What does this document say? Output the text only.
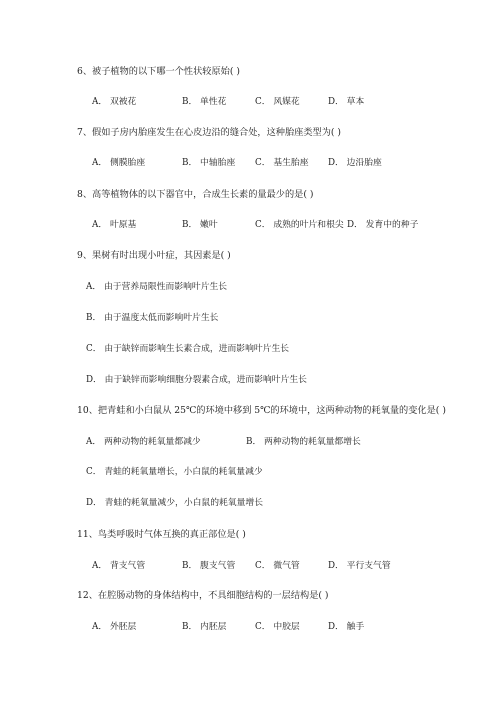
6、被子植物的以下哪一个性状较原始( )
A． 双被花	B． 单性花	C． 风媒花	D． 草本
7、假如子房内胎座发生在心皮边沿的缝合处，这种胎座类型为( )
A． 侧膜胎座	B． 中轴胎座 C． 基生胎座 D． 边沿胎座
8、高等植物体的以下器官中，合成生长素的量最少的是( )
A． 叶原基	B． 嫩叶	C． 成熟的叶片和根尖 D． 发育中的种子
9、果树有时出现小叶症，其因素是( )
A． 由于营养局限性而影响叶片生长
B． 由于温度太低而影响叶片生长
C． 由于缺锌而影响生长素合成，进而影响叶片生长
D． 由于缺锌而影响细胞分裂素合成，进而影响叶片生长
10、把青蛙和小白鼠从 25℃的环境中移到 5℃的环境中，这两种动物的耗氧量的变化是( )
A． 两种动物的耗氧量都减少	B． 两种动物的耗氧量都增长
C． 青蛙的耗氧量增长，小白鼠的耗氧量减少
D． 青蛙的耗氧量减少，小白鼠的耗氧量增长
11、鸟类呼吸时气体互换的真正部位是( )
A． 背支气管	B． 腹支气管 C． 微气管	D． 平行支气管
12、在腔肠动物的身体结构中，不具细胞结构的一层结构是( )
A． 外胚层	B． 内胚层	C． 中胶层	D． 触手
